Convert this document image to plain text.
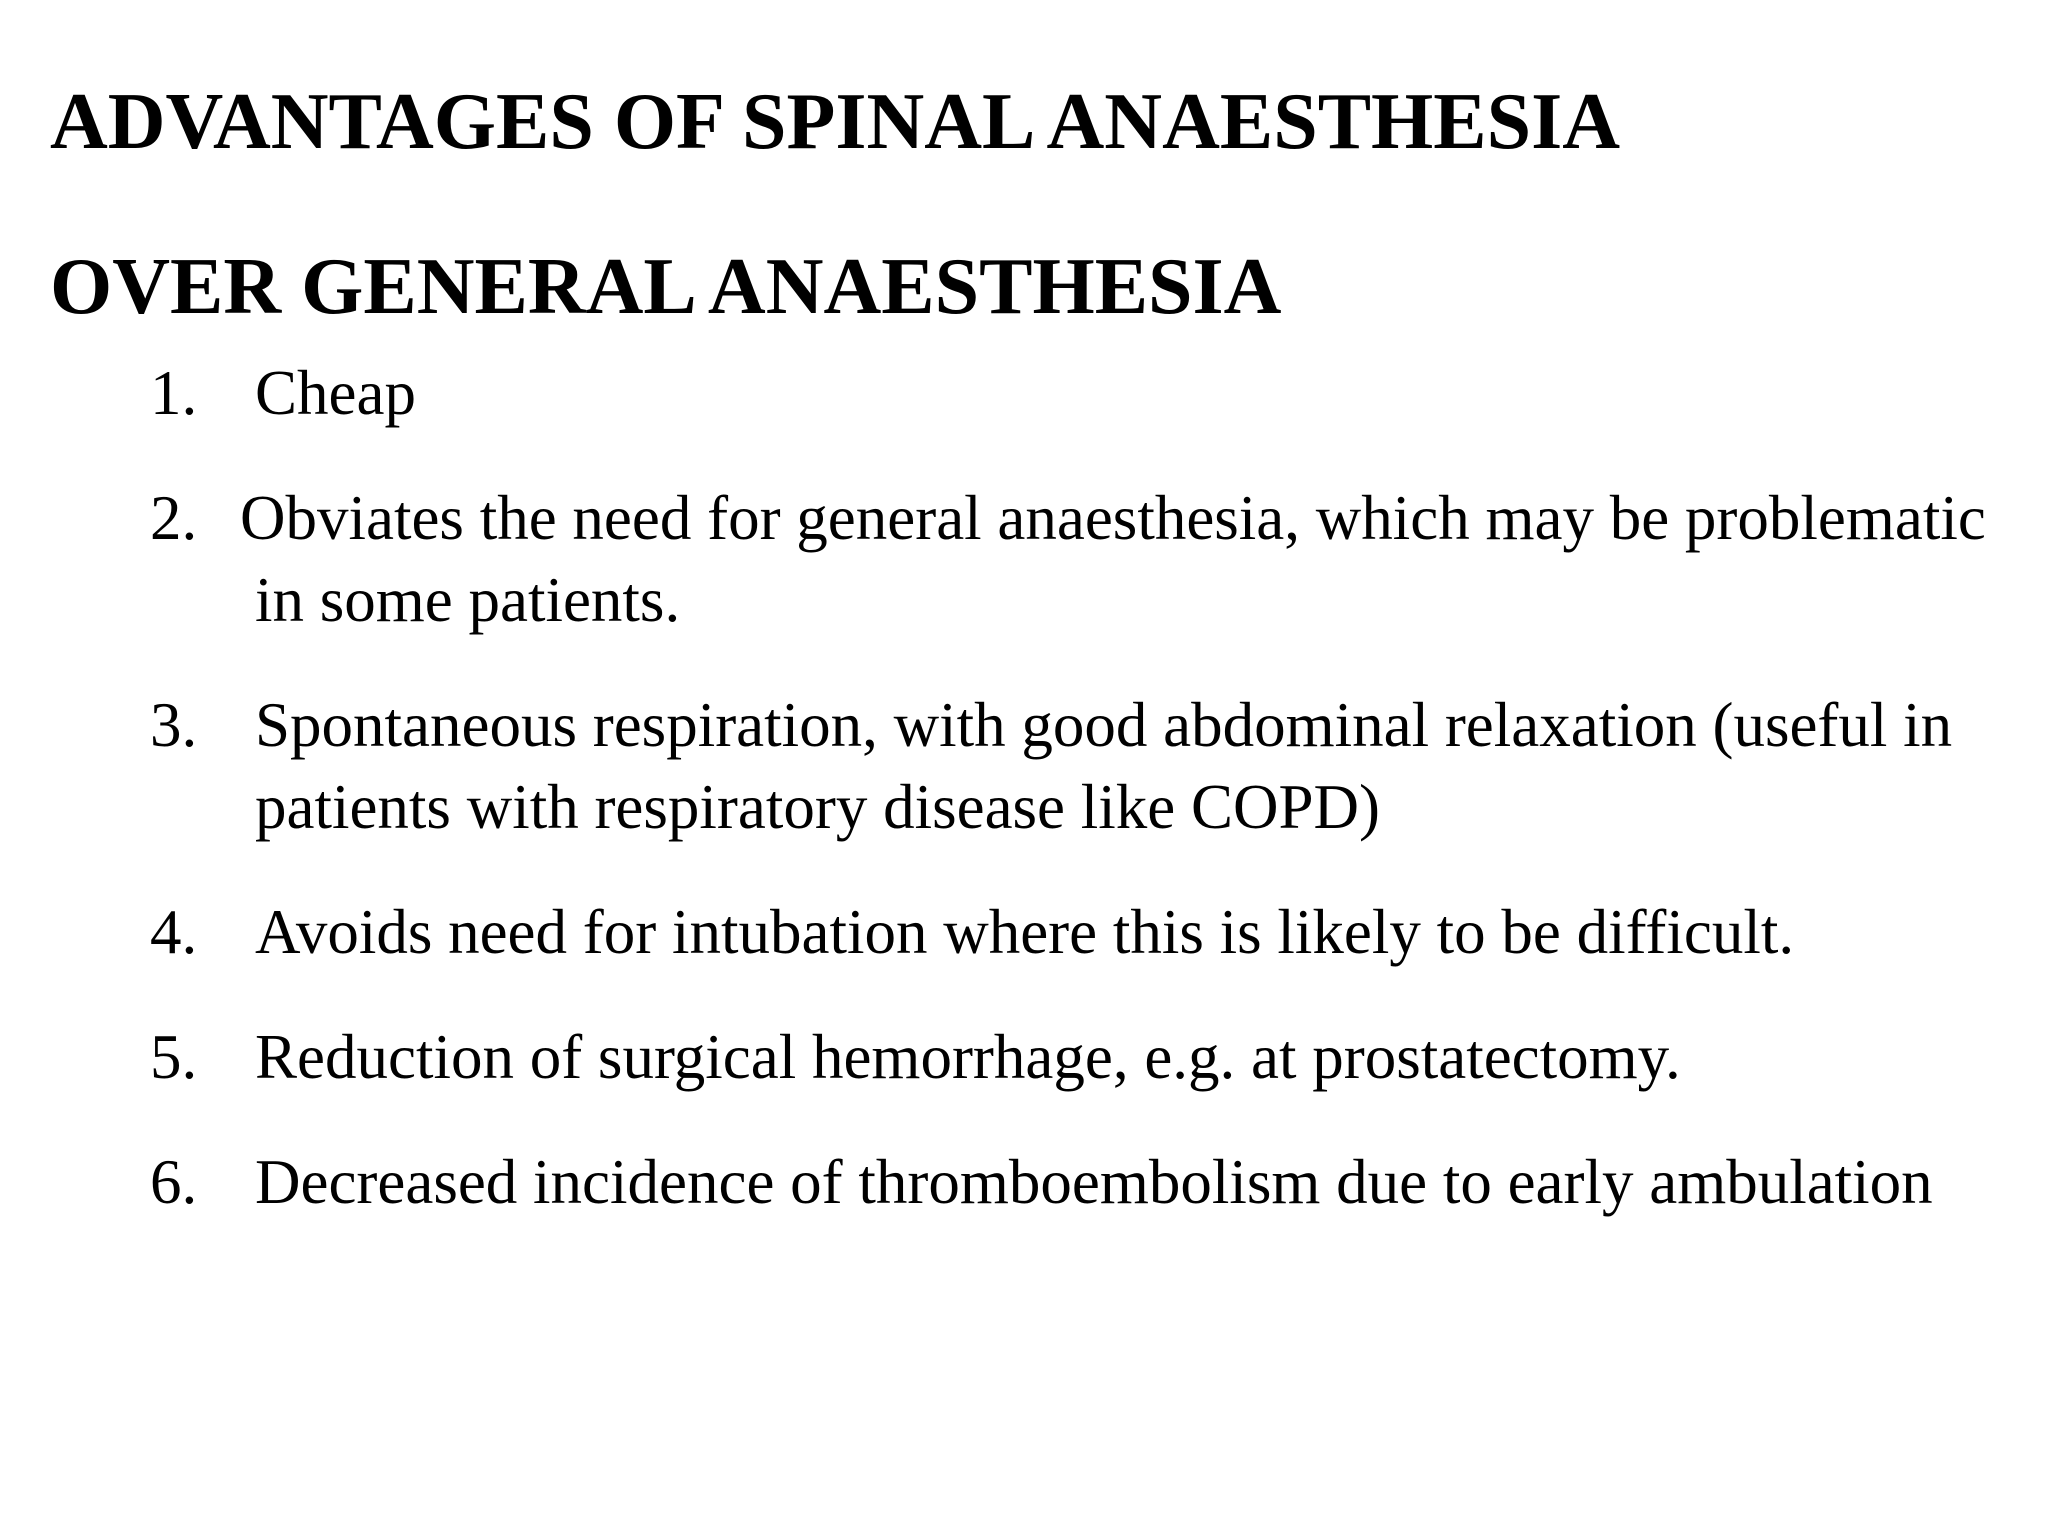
ADVANTAGES OF SPINAL ANAESTHESIA
OVER GENERAL ANAESTHESIA
1. Cheap
2. Obviates the need for general anaesthesia, which may be problematic in some patients.
3. Spontaneous respiration, with good abdominal relaxation (useful in patients with respiratory disease like COPD)
4. Avoids need for intubation where this is likely to be difficult.
5. Reduction of surgical hemorrhage, e.g. at prostatectomy.
6. Decreased incidence of thromboembolism due to early ambulation
